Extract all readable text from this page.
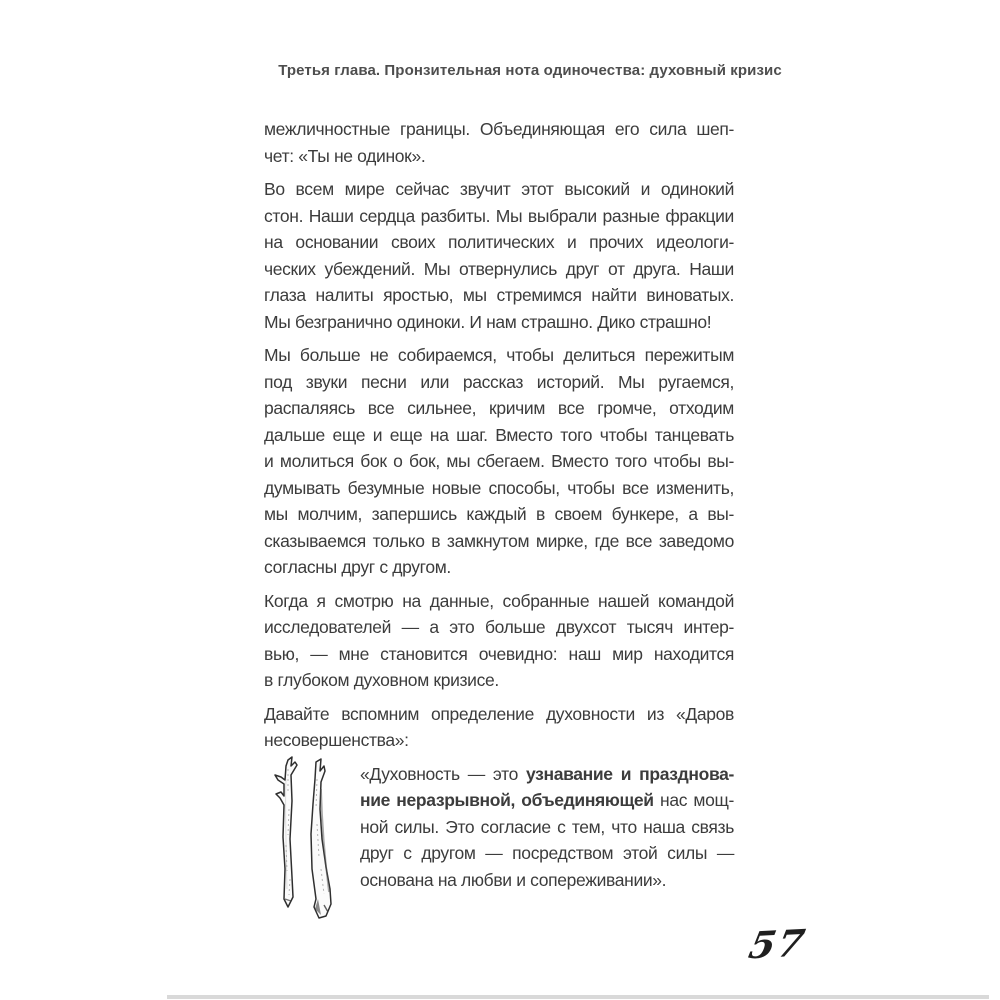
Третья глава. Пронзительная нота одиночества: духовный кризис
межличностные границы. Объединяющая его сила шеп-
чет: «Ты не одинок».
Во всем мире сейчас звучит этот высокий и одинокий
стон. Наши сердца разбиты. Мы выбрали разные фракции
на основании своих политических и прочих идеологи-
ческих убеждений. Мы отвернулись друг от друга. Наши
глаза налиты яростью, мы стремимся найти виноватых.
Мы безгранично одиноки. И нам страшно. Дико страшно!
Мы больше не собираемся, чтобы делиться пережитым
под звуки песни или рассказ историй. Мы ругаемся,
распаляясь все сильнее, кричим все громче, отходим
дальше еще и еще на шаг. Вместо того чтобы танцевать
и молиться бок о бок, мы сбегаем. Вместо того чтобы вы-
думывать безумные новые способы, чтобы все изменить,
мы молчим, запершись каждый в своем бункере, а вы-
сказываемся только в замкнутом мирке, где все заведомо
согласны друг с другом.
Когда я смотрю на данные, собранные нашей командой
исследователей — а это больше двухсот тысяч интер-
вью, — мне становится очевидно: наш мир находится
в глубоком духовном кризисе.
Давайте вспомним определение духовности из «Даров
несовершенства»:
«Духовность — это узнавание и празднова-
ние неразрывной, объединяющей нас мощ-
ной силы. Это согласие с тем, что наша связь
друг с другом — посредством этой силы —
основана на любви и сопереживании».
57
